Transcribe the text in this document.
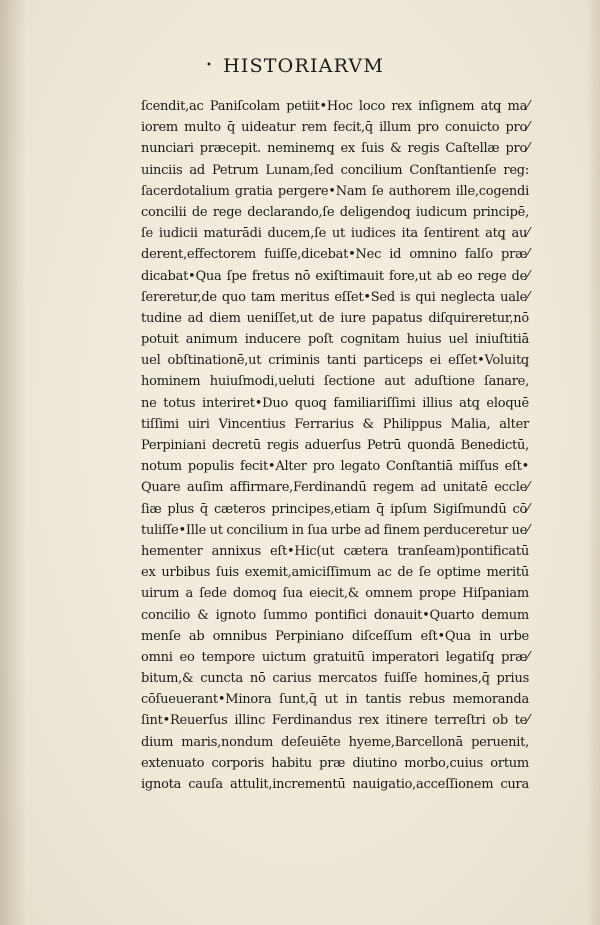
• HISTORIARVM
ſcendit,ac Paniſcolam petiit•Hoc loco rex inſignem atq̧ ma⁄
iorem multo q̄ uideatur rem fecit,q̄ illum pro conuicto pro⁄
nunciari præcepit. neminemq̧ ex ſuis & regis Caſtellæ pro⁄
uinciis ad Petrum Lunam,ſed concilium Conſtantienſe reg:
ſacerdotalium gratia pergere•Nam ſe authorem ille,cogendi
concilii de rege declarando,ſe deligendoq̧ iudicum principē,
ſe iudicii maturādi ducem,ſe ut iudices ita ſentirent atq̧ au⁄
derent,effectorem fuiſſe,dicebat•Nec id omnino falſo præ⁄
dicabat•Qua ſpe fretus nō exiſtimauit fore,ut ab eo rege de⁄
ſereretur,de quo tam meritus eſſet•Sed is qui neglecta uale⁄
tudine ad diem ueniſſet,ut de iure papatus diſquireretur,nō
potuit animum inducere poſt cognitam huius uel iniuſtitiā
uel obſtinationē,ut criminis tanti particeps ei eſſet•Voluitq̧
hominem huiuſmodi,ueluti ſectione aut aduſtione ſanare,
ne totus interiret•Duo quoq̧ familiariſſimi illius atq̧ eloquē
tiſſimi uiri Vincentius Ferrarius & Philippus Malia, alter
Perpiniani decretū regis aduerſus Petrū quondā Benedictū,
notum populis fecit•Alter pro legato Conſtantiā miſſus eſt•
Quare auſim affirmare,Ferdinandū regem ad unitatē eccle⁄
ſiæ plus q̄ cæteros principes,etiam q̄ ipſum Sigiſmundū cō⁄
tuliſſe•Ille ut concilium in ſua urbe ad finem perduceretur ue⁄
hementer annixus eſt•Hic(ut cætera tranſeam)pontificatū
ex urbibus ſuis exemit,amiciſſimum ac de ſe optime meritū
uirum a ſede domoq̧ ſua eiecit,& omnem prope Hiſpaniam
concilio & ignoto ſummo pontifici donauit•Quarto demum
menſe ab omnibus Perpiniano diſceſſum eſt•Qua in urbe
omni eo tempore uictum gratuitū imperatori legatiſq̧ præ⁄
bitum,& cuncta nō carius mercatos fuiſſe homines,q̄ prius
cōſueuerant•Minora ſunt,q̄ ut in tantis rebus memoranda
ſint•Reuerſus illinc Ferdinandus rex itinere terreſtri ob te⁄
dium maris,nondum deſeuiēte hyeme,Barcellonā peruenit,
extenuato corporis habitu præ diutino morbo,cuius ortum
ignota cauſa attulit,incrementū nauigatio,acceſſionem cura
